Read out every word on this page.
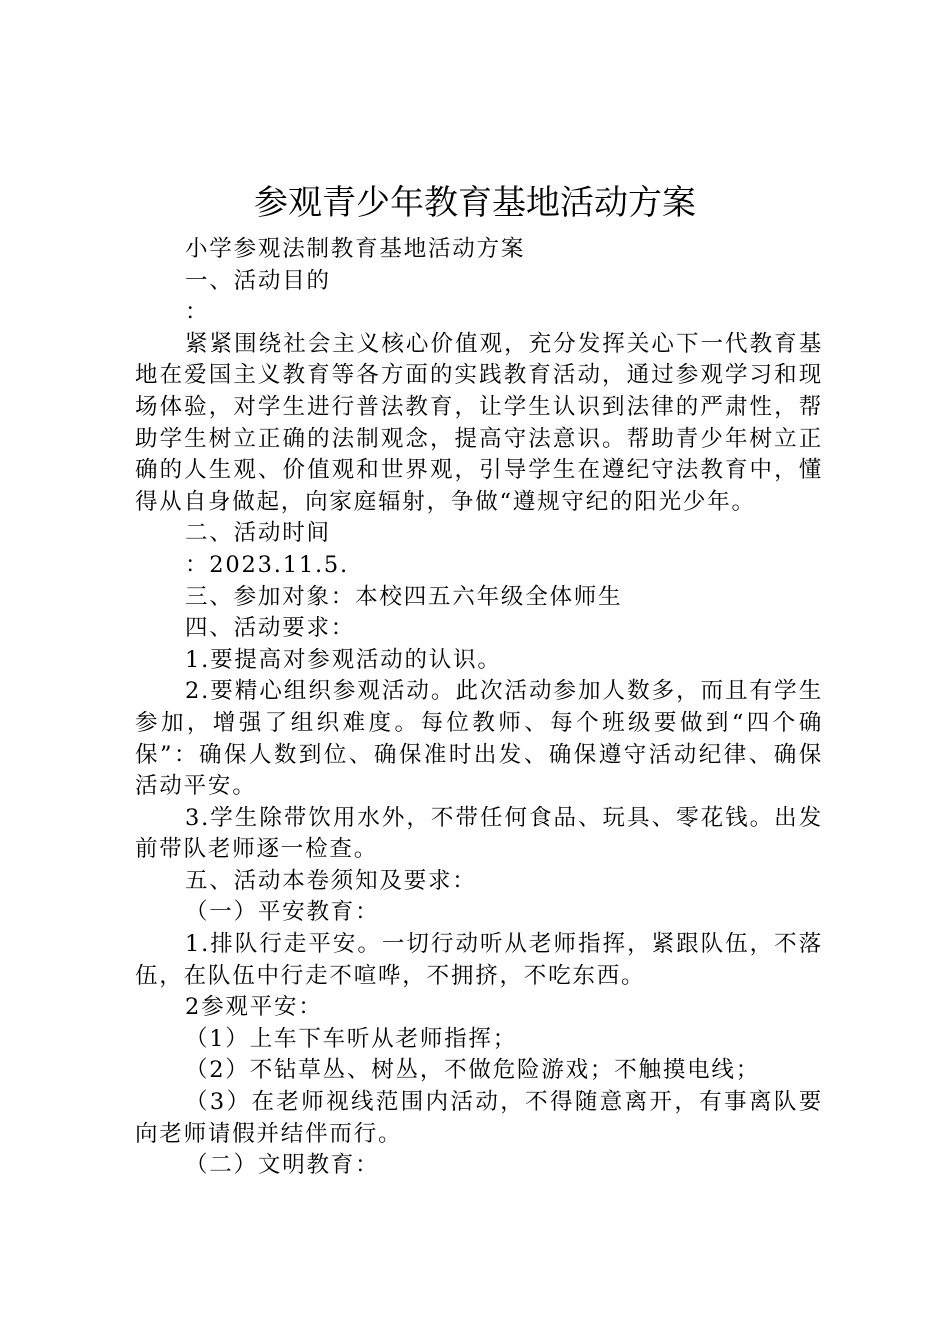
参观青少年教育基地活动方案

小学参观法制教育基地活动方案

一、活动目的

：

紧紧围绕社会主义核心价值观，充分发挥关心下一代教育基地在爱国主义教育等各方面的实践教育活动，通过参观学习和现场体验，对学生进行普法教育，让学生认识到法律的严肃性，帮助学生树立正确的法制观念，提高守法意识。帮助青少年树立正确的人生观、价值观和世界观，引导学生在遵纪守法教育中，懂得从自身做起，向家庭辐射，争做“遵规守纪的阳光少年。

二、活动时间

：2023.11.5.

三、参加对象：本校四五六年级全体师生

四、活动要求：

1.要提高对参观活动的认识。

2.要精心组织参观活动。此次活动参加人数多，而且有学生参加，增强了组织难度。每位教师、每个班级要做到“四个确保”：确保人数到位、确保准时出发、确保遵守活动纪律、确保活动平安。

3.学生除带饮用水外，不带任何食品、玩具、零花钱。出发前带队老师逐一检查。

五、活动本卷须知及要求：

（一）平安教育：

1.排队行走平安。一切行动听从老师指挥，紧跟队伍，不落伍，在队伍中行走不喧哗，不拥挤，不吃东西。

2参观平安：

（1）上车下车听从老师指挥；

（2）不钻草丛、树丛，不做危险游戏；不触摸电线；

（3）在老师视线范围内活动，不得随意离开，有事离队要向老师请假并结伴而行。

（二）文明教育：
